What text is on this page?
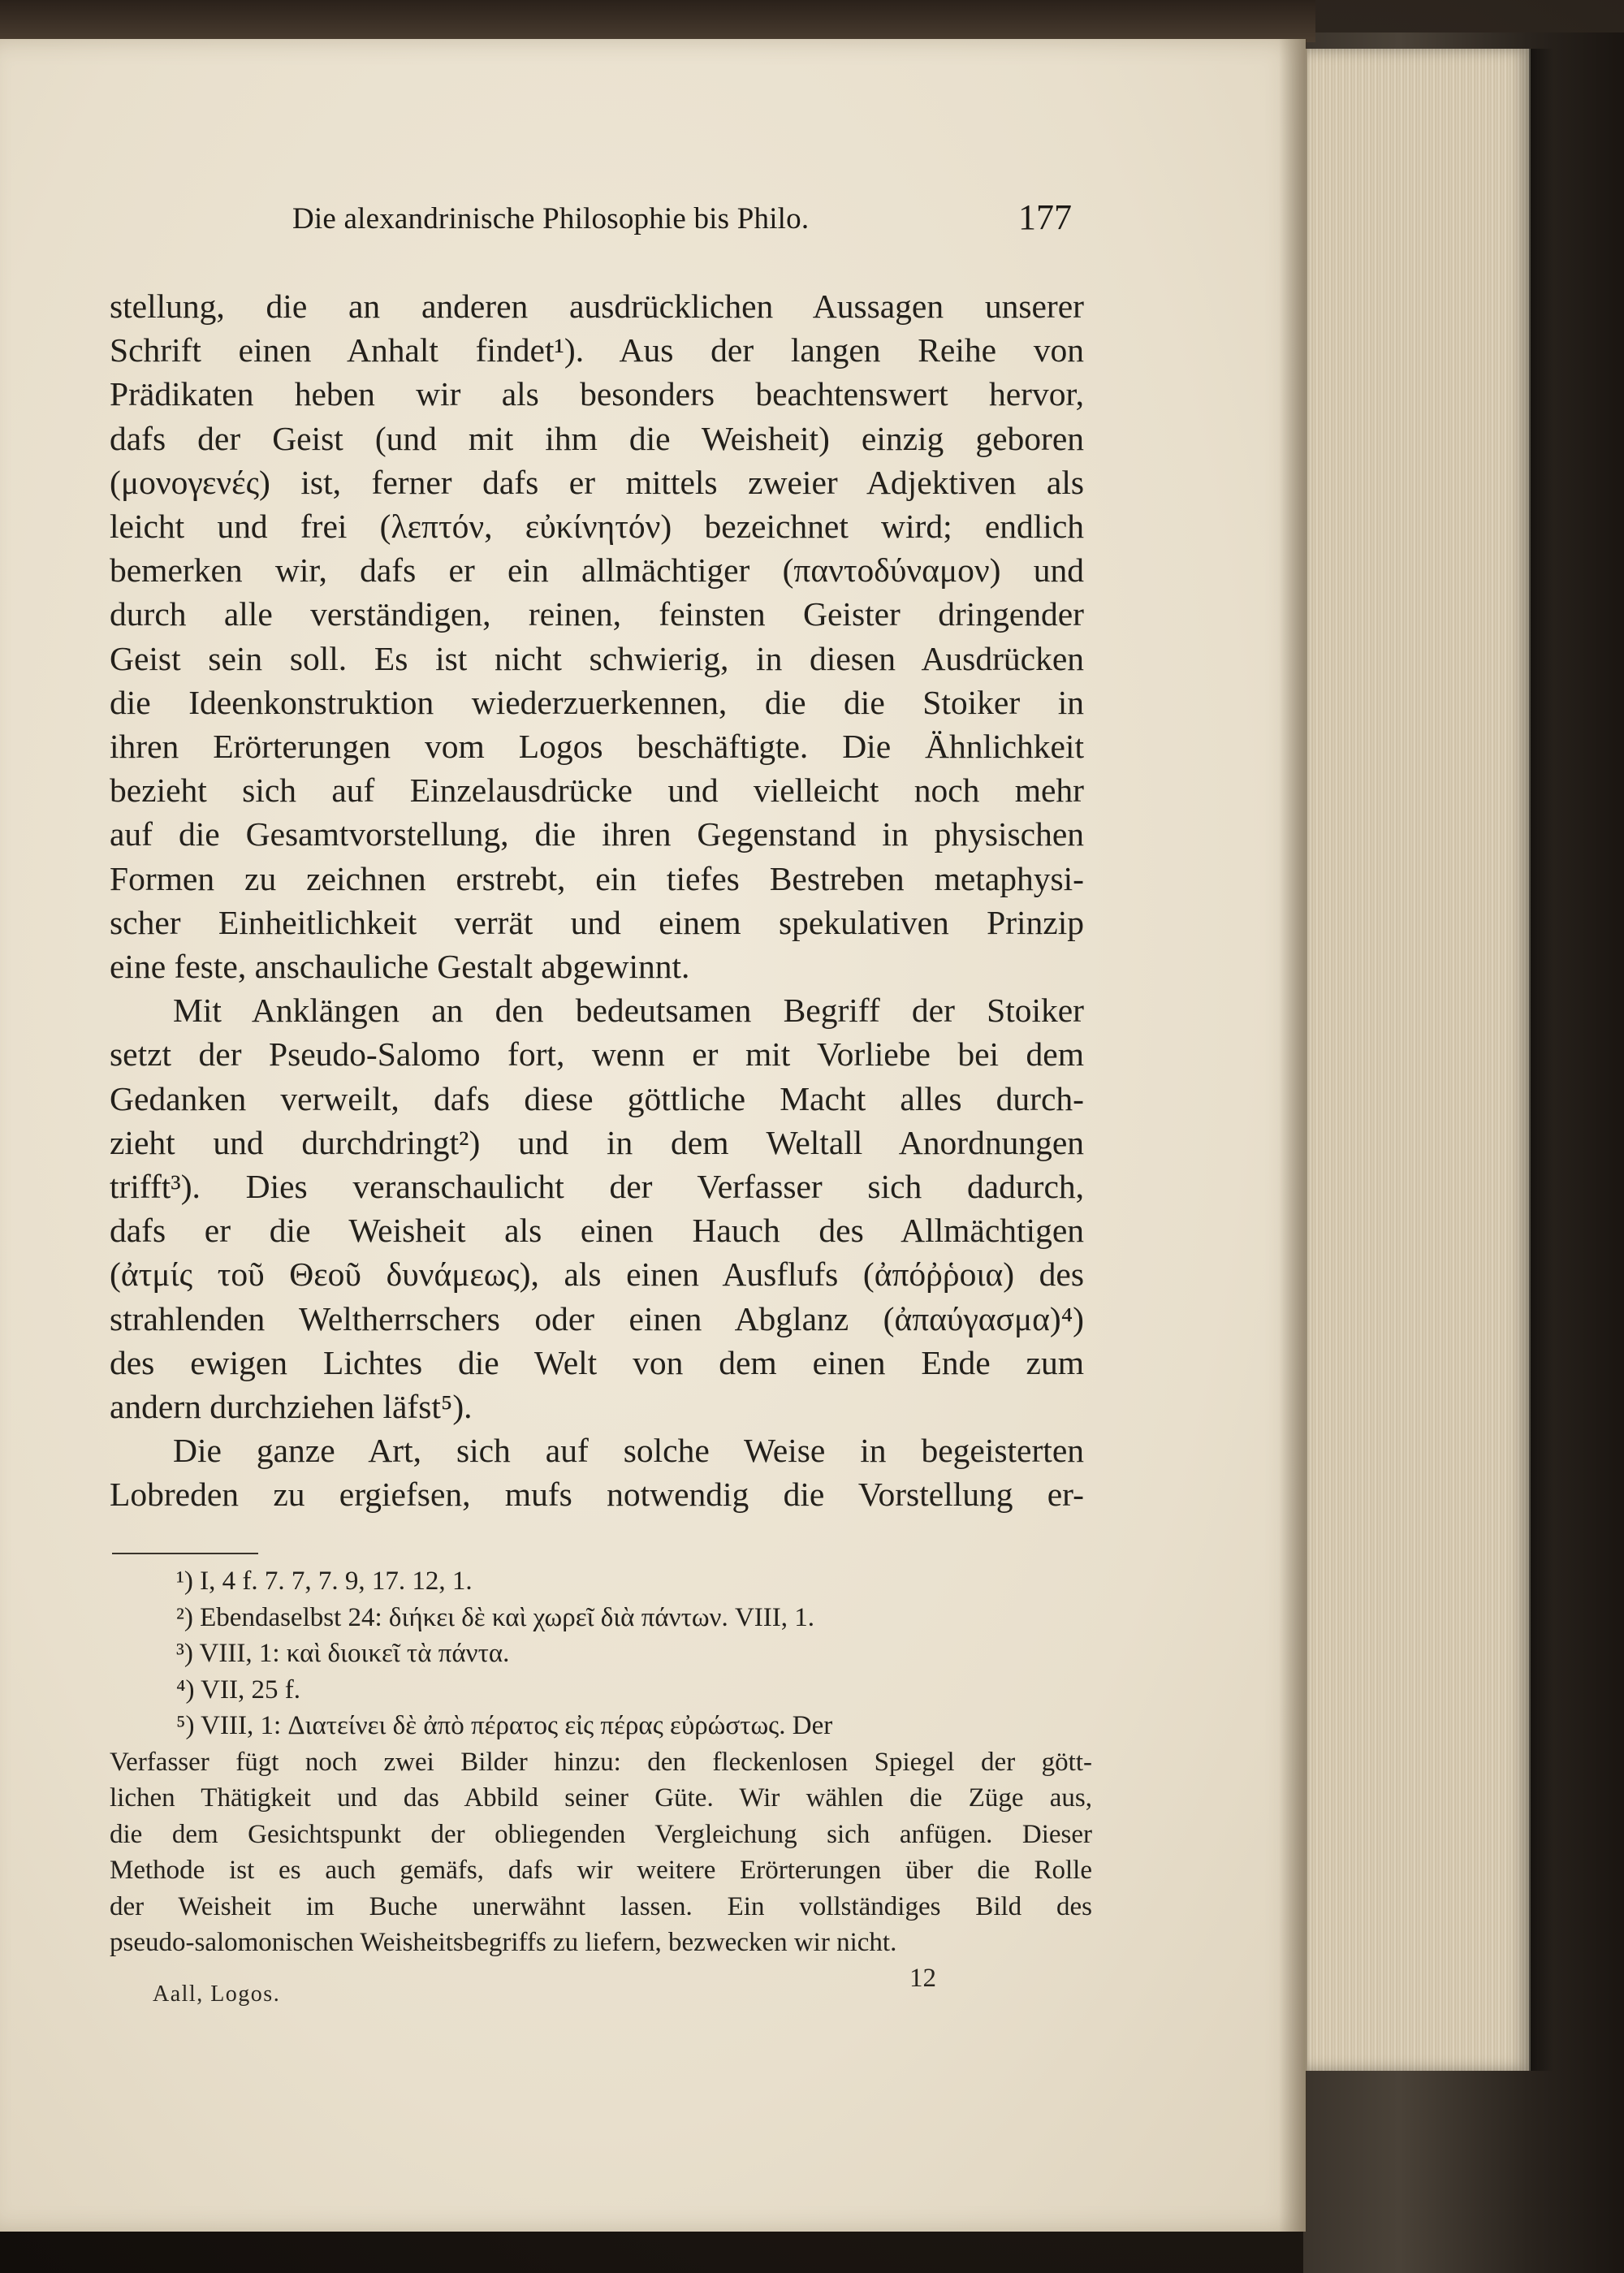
Die alexandrinische Philosophie bis Philo.	177
stellung, die an anderen ausdrücklichen Aussagen unserer
Schrift einen Anhalt findet¹). Aus der langen Reihe von
Prädikaten heben wir als besonders beachtenswert hervor,
dafs der Geist (und mit ihm die Weisheit) einzig geboren
(μονογενές) ist, ferner dafs er mittels zweier Adjektiven als
leicht und frei (λεπτόν, εὐκίνητόν) bezeichnet wird; endlich
bemerken wir, dafs er ein allmächtiger (παντοδύναμον) und
durch alle verständigen, reinen, feinsten Geister dringender
Geist sein soll. Es ist nicht schwierig, in diesen Ausdrücken
die Ideenkonstruktion wiederzuerkennen, die die Stoiker in
ihren Erörterungen vom Logos beschäftigte. Die Ähnlichkeit
bezieht sich auf Einzelausdrücke und vielleicht noch mehr
auf die Gesamtvorstellung, die ihren Gegenstand in physischen
Formen zu zeichnen erstrebt, ein tiefes Bestreben metaphysi-
scher Einheitlichkeit verrät und einem spekulativen Prinzip
eine feste, anschauliche Gestalt abgewinnt.
Mit Anklängen an den bedeutsamen Begriff der Stoiker
setzt der Pseudo-Salomo fort, wenn er mit Vorliebe bei dem
Gedanken verweilt, dafs diese göttliche Macht alles durch-
zieht und durchdringt²) und in dem Weltall Anordnungen
trifft³). Dies veranschaulicht der Verfasser sich dadurch,
dafs er die Weisheit als einen Hauch des Allmächtigen
(ἀτμίς τοῦ Θεοῦ δυνάμεως), als einen Ausflufs (ἀπόῤῥοια) des
strahlenden Weltherrschers oder einen Abglanz (ἀπαύγασμα)⁴)
des ewigen Lichtes die Welt von dem einen Ende zum
andern durchziehen läfst⁵).
Die ganze Art, sich auf solche Weise in begeisterten
Lobreden zu ergiefsen, mufs notwendig die Vorstellung er-
¹) I, 4 f. 7. 7, 7. 9, 17. 12, 1.
²) Ebendaselbst 24: διήκει δὲ καὶ χωρεῖ διὰ πάντων. VIII, 1.
³) VIII, 1: καὶ διοικεῖ τὰ πάντα.
⁴) VII, 25 f.
⁵) VIII, 1: Διατείνει δὲ ἀπὸ πέρατος εἰς πέρας εὐρώστως. Der
Verfasser fügt noch zwei Bilder hinzu: den fleckenlosen Spiegel der gött-
lichen Thätigkeit und das Abbild seiner Güte. Wir wählen die Züge aus,
die dem Gesichtspunkt der obliegenden Vergleichung sich anfügen. Dieser
Methode ist es auch gemäfs, dafs wir weitere Erörterungen über die Rolle
der Weisheit im Buche unerwähnt lassen. Ein vollständiges Bild des
pseudo-salomonischen Weisheitsbegriffs zu liefern, bezwecken wir nicht.
Aall, Logos.
12
